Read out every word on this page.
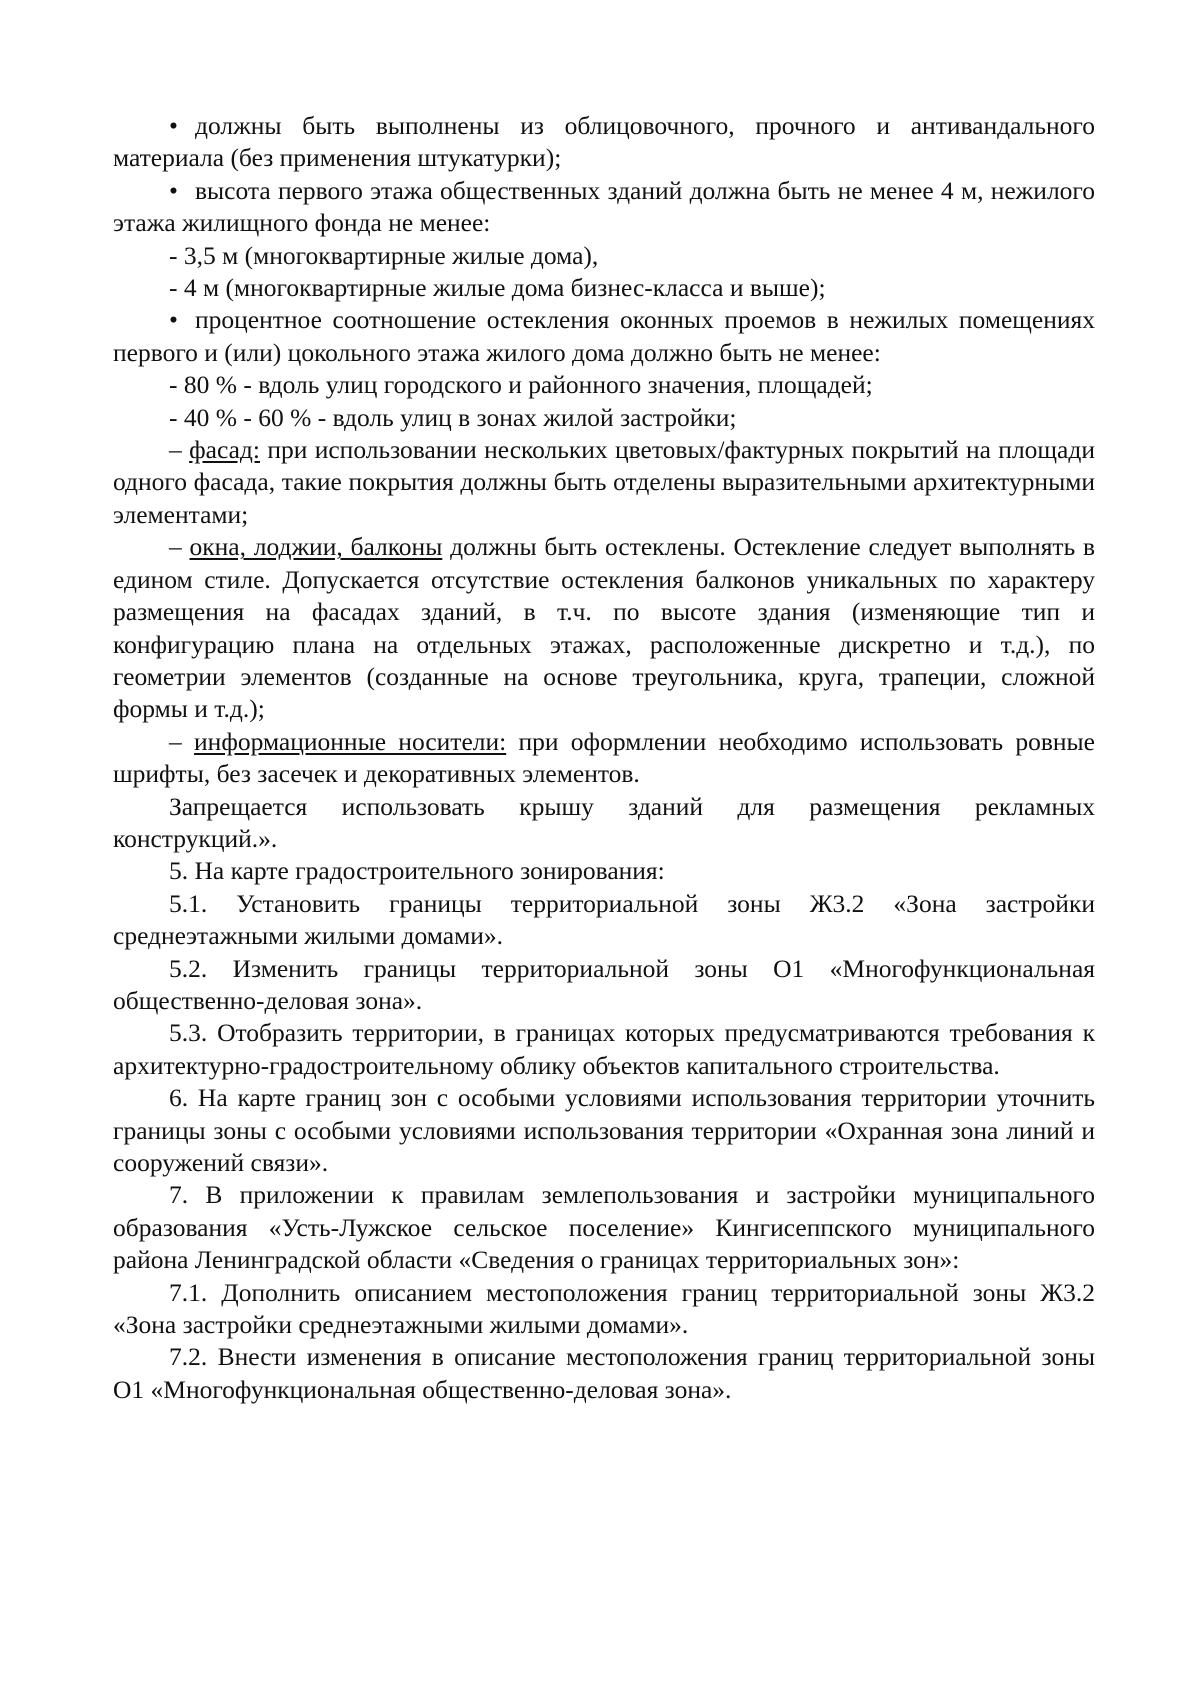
• должны быть выполнены из облицовочного, прочного и антивандального материала (без применения штукатурки);

• высота первого этажа общественных зданий должна быть не менее 4 м, нежилого этажа жилищного фонда не менее:

- 3,5 м (многоквартирные жилые дома),

- 4 м (многоквартирные жилые дома бизнес-класса и выше);

• процентное соотношение остекления оконных проемов в нежилых помещениях первого и (или) цокольного этажа жилого дома должно быть не менее:

- 80 % - вдоль улиц городского и районного значения, площадей;

- 40 % - 60 % - вдоль улиц в зонах жилой застройки;

– фасад: при использовании нескольких цветовых/фактурных покрытий на площади одного фасада, такие покрытия должны быть отделены выразительными архитектурными элементами;

– окна, лоджии, балконы должны быть остеклены. Остекление следует выполнять в едином стиле. Допускается отсутствие остекления балконов уникальных по характеру размещения на фасадах зданий, в т.ч. по высоте здания (изменяющие тип и конфигурацию плана на отдельных этажах, расположенные дискретно и т.д.), по геометрии элементов (созданные на основе треугольника, круга, трапеции, сложной формы и т.д.);

– информационные носители: при оформлении необходимо использовать ровные шрифты, без засечек и декоративных элементов.

Запрещается использовать крышу зданий для размещения рекламных конструкций.».

5. На карте градостроительного зонирования:

5.1. Установить границы территориальной зоны Ж3.2 «Зона застройки среднеэтажными жилыми домами».

5.2. Изменить границы территориальной зоны О1 «Многофункциональная общественно-деловая зона».

5.3. Отобразить территории, в границах которых предусматриваются требования к архитектурно-градостроительному облику объектов капитального строительства.

6. На карте границ зон с особыми условиями использования территории уточнить границы зоны с особыми условиями использования территории «Охранная зона линий и сооружений связи».

7. В приложении к правилам землепользования и застройки муниципального образования «Усть-Лужское сельское поселение» Кингисеппского муниципального района Ленинградской области «Сведения о границах территориальных зон»:

7.1. Дополнить описанием местоположения границ территориальной зоны Ж3.2 «Зона застройки среднеэтажными жилыми домами».

7.2. Внести изменения в описание местоположения границ территориальной зоны О1 «Многофункциональная общественно-деловая зона».
